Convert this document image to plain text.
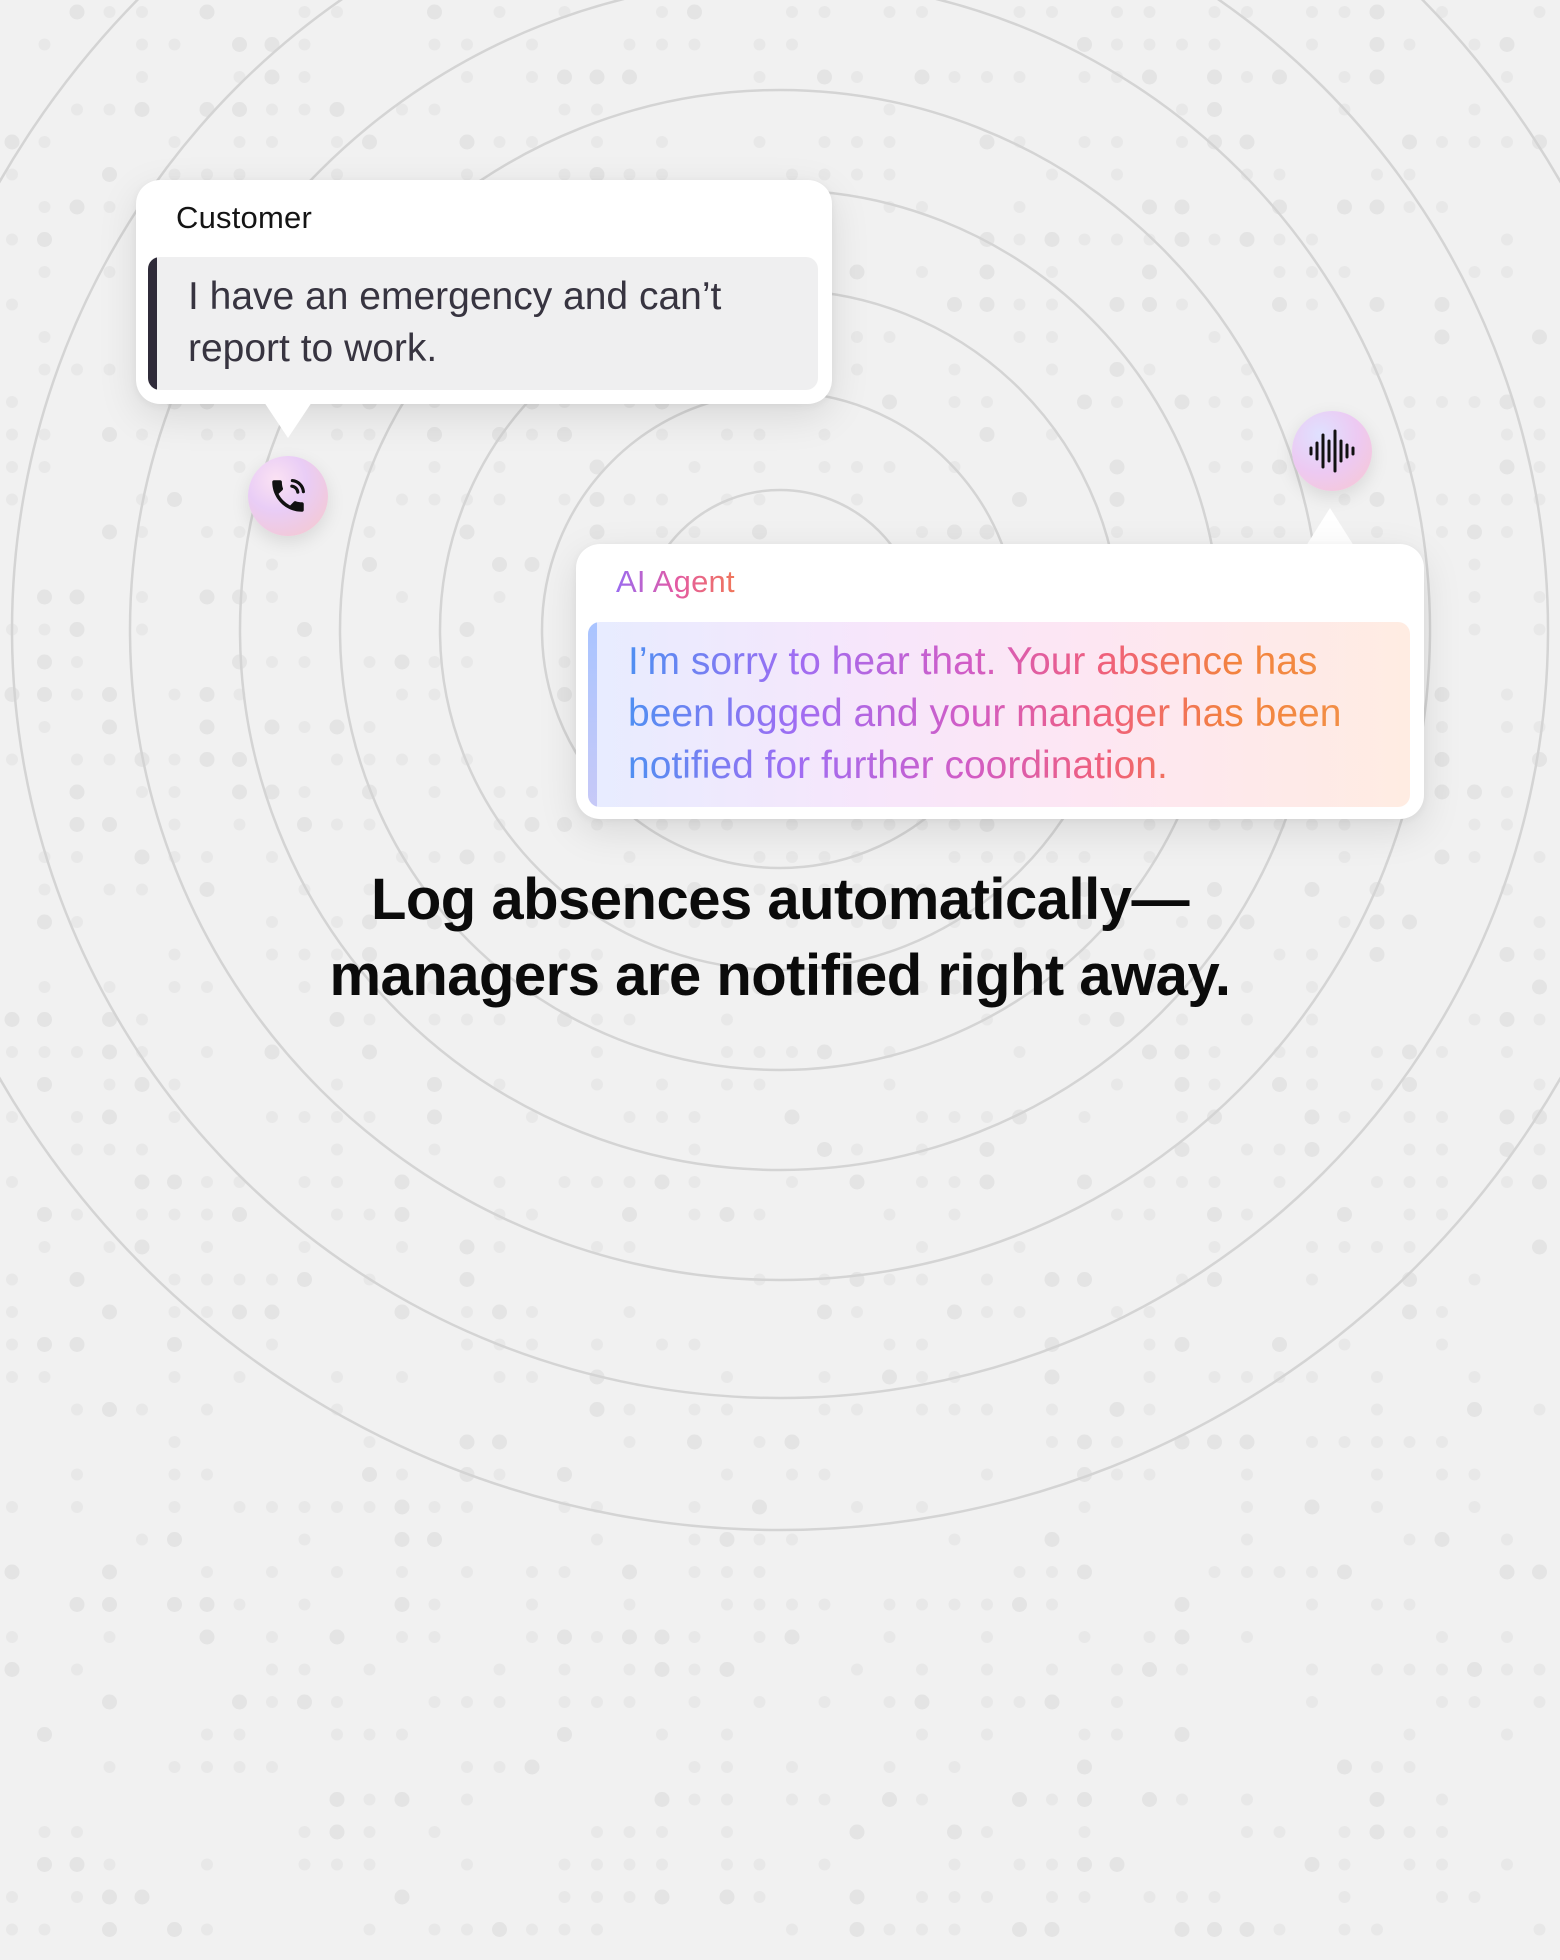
Customer
I have an emergency and can’t report to work.
AI Agent
I’m sorry to hear that. Your absence has been logged and your manager has been notified for further coordination.
Log absences automatically—
managers are notified right away.
